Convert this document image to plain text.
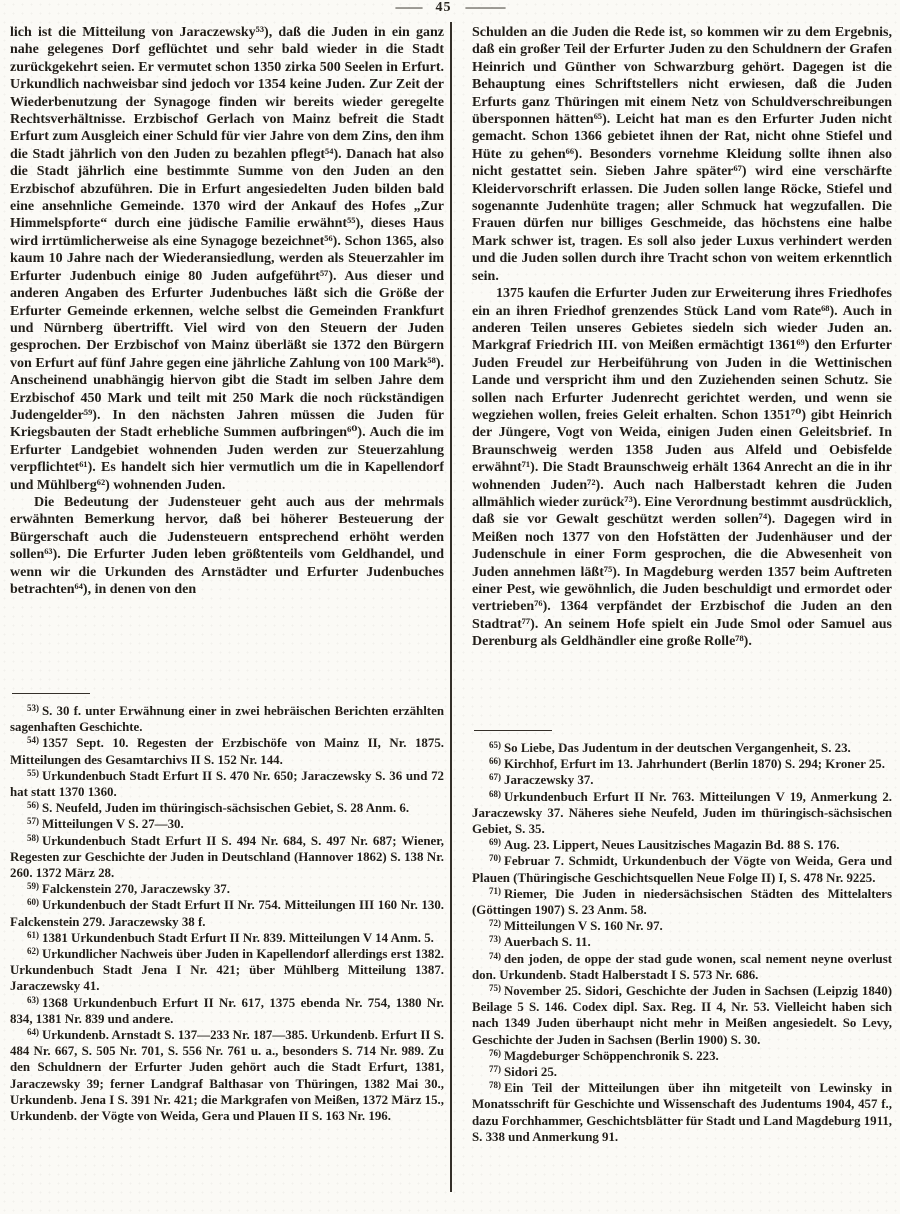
—— 45 ———

lich ist die Mitteilung von Jaraczewsky⁵³), daß die Juden in ein ganz nahe gelegenes Dorf geflüchtet und sehr bald wieder in die Stadt zurückgekehrt seien. Er vermutet schon 1350 zirka 500 Seelen in Erfurt. Urkundlich nachweisbar sind jedoch vor 1354 keine Juden. Zur Zeit der Wiederbenutzung der Synagoge finden wir bereits wieder geregelte Rechtsverhältnisse. Erzbischof Gerlach von Mainz befreit die Stadt Erfurt zum Ausgleich einer Schuld für vier Jahre von dem Zins, den ihm die Stadt jährlich von den Juden zu bezahlen pflegt⁵⁴). Danach hat also die Stadt jährlich eine bestimmte Summe von den Juden an den Erzbischof abzuführen. Die in Erfurt angesiedelten Juden bilden bald eine ansehnliche Gemeinde. 1370 wird der Ankauf des Hofes „Zur Himmelspforte“ durch eine jüdische Familie erwähnt⁵⁵), dieses Haus wird irrtümlicherweise als eine Synagoge bezeichnet⁵⁶). Schon 1365, also kaum 10 Jahre nach der Wiederansiedlung, werden als Steuerzahler im Erfurter Judenbuch einige 80 Juden aufgeführt⁵⁷). Aus dieser und anderen Angaben des Erfurter Judenbuches läßt sich die Größe der Erfurter Gemeinde erkennen, welche selbst die Gemeinden Frankfurt und Nürnberg übertrifft. Viel wird von den Steuern der Juden gesprochen. Der Erzbischof von Mainz überläßt sie 1372 den Bürgern von Erfurt auf fünf Jahre gegen eine jährliche Zahlung von 100 Mark⁵⁸). Anscheinend unabhängig hiervon gibt die Stadt im selben Jahre dem Erzbischof 450 Mark und teilt mit 250 Mark die noch rückständigen Judengelder⁵⁹). In den nächsten Jahren müssen die Juden für Kriegsbauten der Stadt erhebliche Summen aufbringen⁶⁰). Auch die im Erfurter Landgebiet wohnenden Juden werden zur Steuerzahlung verpflichtet⁶¹). Es handelt sich hier vermutlich um die in Kapellendorf und Mühlberg⁶²) wohnenden Juden.

Die Bedeutung der Judensteuer geht auch aus der mehrmals erwähnten Bemerkung hervor, daß bei höherer Besteuerung der Bürgerschaft auch die Judensteuern entsprechend erhöht werden sollen⁶³). Die Erfurter Juden leben größtenteils vom Geldhandel, und wenn wir die Urkunden des Arnstädter und Erfurter Judenbuches betrachten⁶⁴), in denen von den

$^{53)}$ S. 30 f. unter Erwähnung einer in zwei hebräischen Berichten erzählten sagenhaften Geschichte.

$^{54)}$ 1357 Sept. 10. Regesten der Erzbischöfe von Mainz II, Nr. 1875. Mitteilungen des Gesamtarchivs II S. 152 Nr. 144.

$^{55)}$ Urkundenbuch Stadt Erfurt II S. 470 Nr. 650; Jaraczewsky S. 36 und 72 hat statt 1370 1360.

$^{56)}$ S. Neufeld, Juden im thüringisch-sächsischen Gebiet, S. 28 Anm. 6.

$^{57)}$ Mitteilungen V S. 27—30.

$^{58)}$ Urkundenbuch Stadt Erfurt II S. 494 Nr. 684, S. 497 Nr. 687; Wiener, Regesten zur Geschichte der Juden in Deutschland (Hannover 1862) S. 138 Nr. 260. 1372 März 28.

$^{59)}$ Falckenstein 270, Jaraczewsky 37.

$^{60)}$ Urkundenbuch der Stadt Erfurt II Nr. 754. Mitteilungen III 160 Nr. 130. Falckenstein 279. Jaraczewsky 38 f.

$^{61)}$ 1381 Urkundenbuch Stadt Erfurt II Nr. 839. Mitteilungen V 14 Anm. 5.

$^{62)}$ Urkundlicher Nachweis über Juden in Kapellendorf allerdings erst 1382. Urkundenbuch Stadt Jena I Nr. 421; über Mühlberg Mitteilung 1387. Jaraczewsky 41.

$^{63)}$ 1368 Urkundenbuch Erfurt II Nr. 617, 1375 ebenda Nr. 754, 1380 Nr. 834, 1381 Nr. 839 und andere.

$^{64)}$ Urkundenb. Arnstadt S. 137—233 Nr. 187—385. Urkundenb. Erfurt II S. 484 Nr. 667, S. 505 Nr. 701, S. 556 Nr. 761 u. a., besonders S. 714 Nr. 989. Zu den Schuldnern der Erfurter Juden gehört auch die Stadt Erfurt, 1381, Jaraczewsky 39; ferner Landgraf Balthasar von Thüringen, 1382 Mai 30., Urkundenb. Jena I S. 391 Nr. 421; die Markgrafen von Meißen, 1372 März 15., Urkundenb. der Vögte von Weida, Gera und Plauen II S. 163 Nr. 196.

Schulden an die Juden die Rede ist, so kommen wir zu dem Ergebnis, daß ein großer Teil der Erfurter Juden zu den Schuldnern der Grafen Heinrich und Günther von Schwarzburg gehört. Dagegen ist die Behauptung eines Schriftstellers nicht erwiesen, daß die Juden Erfurts ganz Thüringen mit einem Netz von Schuldverschreibungen übersponnen hätten⁶⁵). Leicht hat man es den Erfurter Juden nicht gemacht. Schon 1366 gebietet ihnen der Rat, nicht ohne Stiefel und Hüte zu gehen⁶⁶). Besonders vornehme Kleidung sollte ihnen also nicht gestattet sein. Sieben Jahre später⁶⁷) wird eine verschärfte Kleidervorschrift erlassen. Die Juden sollen lange Röcke, Stiefel und sogenannte Judenhüte tragen; aller Schmuck hat wegzufallen. Die Frauen dürfen nur billiges Geschmeide, das höchstens eine halbe Mark schwer ist, tragen. Es soll also jeder Luxus verhindert werden und die Juden sollen durch ihre Tracht schon von weitem erkenntlich sein.

1375 kaufen die Erfurter Juden zur Erweiterung ihres Friedhofes ein an ihren Friedhof grenzendes Stück Land vom Rate⁶⁸). Auch in anderen Teilen unseres Gebietes siedeln sich wieder Juden an. Markgraf Friedrich III. von Meißen ermächtigt 1361⁶⁹) den Erfurter Juden Freudel zur Herbeiführung von Juden in die Wettinischen Lande und verspricht ihm und den Zuziehenden seinen Schutz. Sie sollen nach Erfurter Judenrecht gerichtet werden, und wenn sie wegziehen wollen, freies Geleit erhalten. Schon 1351⁷⁰) gibt Heinrich der Jüngere, Vogt von Weida, einigen Juden einen Geleitsbrief. In Braunschweig werden 1358 Juden aus Alfeld und Oebisfelde erwähnt⁷¹). Die Stadt Braunschweig erhält 1364 Anrecht an die in ihr wohnenden Juden⁷²). Auch nach Halberstadt kehren die Juden allmählich wieder zurück⁷³). Eine Verordnung bestimmt ausdrücklich, daß sie vor Gewalt geschützt werden sollen⁷⁴). Dagegen wird in Meißen noch 1377 von den Hofstätten der Judenhäuser und der Judenschule in einer Form gesprochen, die die Abwesenheit von Juden annehmen läßt⁷⁵). In Magdeburg werden 1357 beim Auftreten einer Pest, wie gewöhnlich, die Juden beschuldigt und ermordet oder vertrieben⁷⁶). 1364 verpfändet der Erzbischof die Juden an den Stadtrat⁷⁷). An seinem Hofe spielt ein Jude Smol oder Samuel aus Derenburg als Geldhändler eine große Rolle⁷⁸).

$^{65)}$ So Liebe, Das Judentum in der deutschen Vergangenheit, S. 23.

$^{66)}$ Kirchhof, Erfurt im 13. Jahrhundert (Berlin 1870) S. 294; Kroner 25.

$^{67)}$ Jaraczewsky 37.

$^{68)}$ Urkundenbuch Erfurt II Nr. 763. Mitteilungen V 19, Anmerkung 2. Jaraczewsky 37. Näheres siehe Neufeld, Juden im thüringisch-sächsischen Gebiet, S. 35.

$^{69)}$ Aug. 23. Lippert, Neues Lausitzisches Magazin Bd. 88 S. 176.

$^{70)}$ Februar 7. Schmidt, Urkundenbuch der Vögte von Weida, Gera und Plauen (Thüringische Geschichtsquellen Neue Folge II) I, S. 478 Nr. 9225.

$^{71)}$ Riemer, Die Juden in niedersächsischen Städten des Mittelalters (Göttingen 1907) S. 23 Anm. 58.

$^{72)}$ Mitteilungen V S. 160 Nr. 97.

$^{73)}$ Auerbach S. 11.

$^{74)}$ den joden, de oppe der stad gude wonen, scal nement neyne overlust don. Urkundenb. Stadt Halberstadt I S. 573 Nr. 686.

$^{75)}$ November 25. Sidori, Geschichte der Juden in Sachsen (Leipzig 1840) Beilage 5 S. 146. Codex dipl. Sax. Reg. II 4, Nr. 53. Vielleicht haben sich nach 1349 Juden überhaupt nicht mehr in Meißen angesiedelt. So Levy, Geschichte der Juden in Sachsen (Berlin 1900) S. 30.

$^{76)}$ Magdeburger Schöppenchronik S. 223.

$^{77)}$ Sidori 25.

$^{78)}$ Ein Teil der Mitteilungen über ihn mitgeteilt von Lewinsky in Monatsschrift für Geschichte und Wissenschaft des Judentums 1904, 457 f., dazu Forchhammer, Geschichtsblätter für Stadt und Land Magdeburg 1911, S. 338 und Anmerkung 91.
